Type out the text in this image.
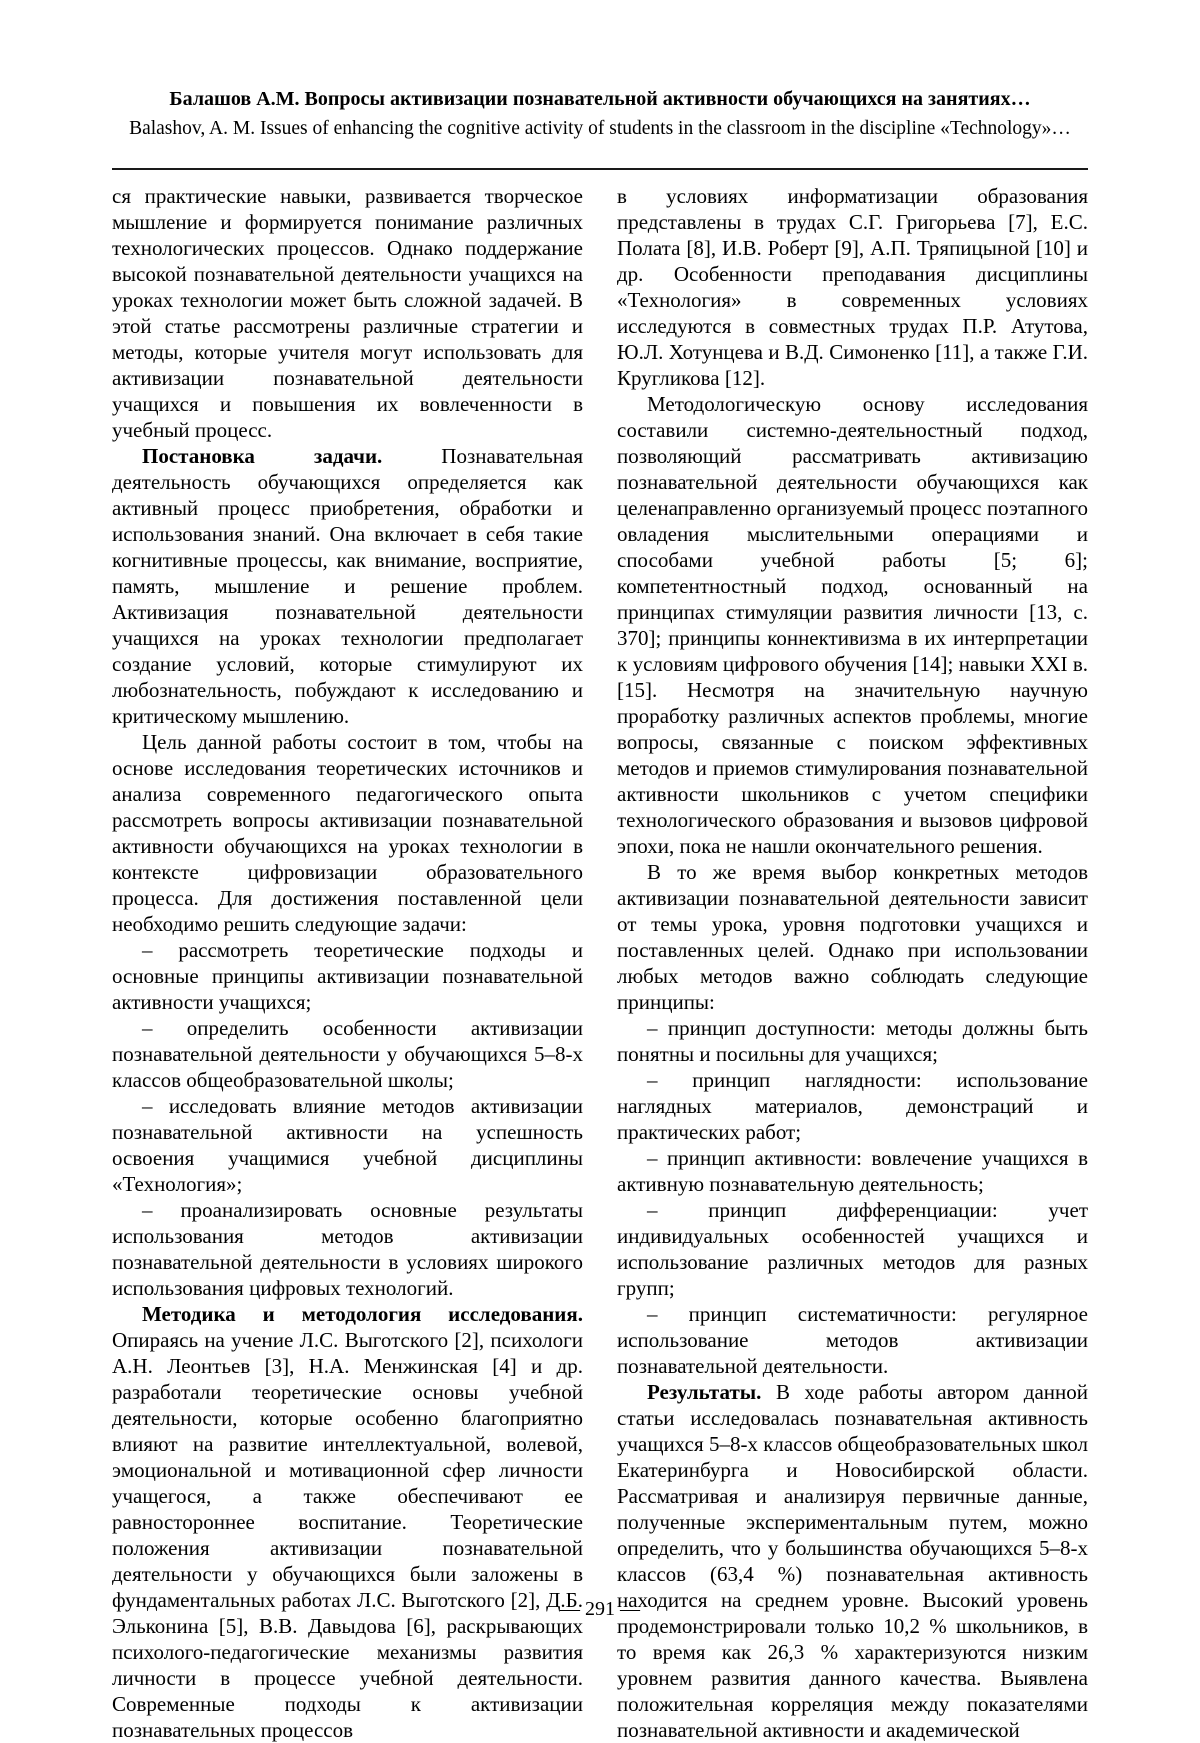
Балашов А.М. Вопросы активизации познавательной активности обучающихся на занятиях…
Balashov, A. M. Issues of enhancing the cognitive activity of students in the classroom in the discipline «Technology»…

ся практические навыки, развивается творческое мышление и формируется понимание различных технологических процессов. Однако поддержание высокой познавательной деятельности учащихся на уроках технологии может быть сложной задачей. В этой статье рассмотрены различные стратегии и методы, которые учителя могут использовать для активизации познавательной деятельности учащихся и повышения их вовлеченности в учебный процесс.

Постановка задачи. Познавательная деятельность обучающихся определяется как активный процесс приобретения, обработки и использования знаний. Она включает в себя такие когнитивные процессы, как внимание, восприятие, память, мышление и решение проблем. Активизация познавательной деятельности учащихся на уроках технологии предполагает создание условий, которые стимулируют их любознательность, побуждают к исследованию и критическому мышлению.

Цель данной работы состоит в том, чтобы на основе исследования теоретических источников и анализа современного педагогического опыта рассмотреть вопросы активизации познавательной активности обучающихся на уроках технологии в контексте цифровизации образовательного процесса. Для достижения поставленной цели необходимо решить следующие задачи:

– рассмотреть теоретические подходы и основные принципы активизации познавательной активности учащихся;

– определить особенности активизации познавательной деятельности у обучающихся 5–8-х классов общеобразовательной школы;

– исследовать влияние методов активизации познавательной активности на успешность освоения учащимися учебной дисциплины «Технология»;

– проанализировать основные результаты использования методов активизации познавательной деятельности в условиях широкого использования цифровых технологий.

Методика и методология исследования. Опираясь на учение Л.С. Выготского [2], психологи А.Н. Леонтьев [3], Н.А. Менжинская [4] и др. разработали теоретические основы учебной деятельности, которые особенно благоприятно влияют на развитие интеллектуальной, волевой, эмоциональной и мотивационной сфер личности учащегося, а также обеспечивают ее равностороннее воспитание. Теоретические положения активизации познавательной деятельности у обучающихся были заложены в фундаментальных работах Л.С. Выготского [2], Д.Б. Эльконина [5], В.В. Давыдова [6], раскрывающих психолого-педагогические механизмы развития личности в процессе учебной деятельности. Современные подходы к активизации познавательных процессов

в условиях информатизации образования представлены в трудах С.Г. Григорьева [7], Е.С. Полата [8], И.В. Роберт [9], А.П. Тряпицыной [10] и др. Особенности преподавания дисциплины «Технология» в современных условиях исследуются в совместных трудах П.Р. Атутова, Ю.Л. Хотунцева и В.Д. Симоненко [11], а также Г.И. Кругликова [12].

Методологическую основу исследования составили системно-деятельностный подход, позволяющий рассматривать активизацию познавательной деятельности обучающихся как целенаправленно организуемый процесс поэтапного овладения мыслительными операциями и способами учебной работы [5; 6]; компетентностный подход, основанный на принципах стимуляции развития личности [13, с. 370]; принципы коннективизма в их интерпретации к условиям цифрового обучения [14]; навыки XXI в. [15]. Несмотря на значительную научную проработку различных аспектов проблемы, многие вопросы, связанные с поиском эффективных методов и приемов стимулирования познавательной активности школьников с учетом специфики технологического образования и вызовов цифровой эпохи, пока не нашли окончательного решения.

В то же время выбор конкретных методов активизации познавательной деятельности зависит от темы урока, уровня подготовки учащихся и поставленных целей. Однако при использовании любых методов важно соблюдать следующие принципы:

– принцип доступности: методы должны быть понятны и посильны для учащихся;

– принцип наглядности: использование наглядных материалов, демонстраций и практических работ;

– принцип активности: вовлечение учащихся в активную познавательную деятельность;

– принцип дифференциации: учет индивидуальных особенностей учащихся и использование различных методов для разных групп;

– принцип систематичности: регулярное использование методов активизации познавательной деятельности.

Результаты. В ходе работы автором данной статьи исследовалась познавательная активность учащихся 5–8-х классов общеобразовательных школ Екатеринбурга и Новосибирской области. Рассматривая и анализируя первичные данные, полученные экспериментальным путем, можно определить, что у большинства обучающихся 5–8-х классов (63,4 %) познавательная активность находится на среднем уровне. Высокий уровень продемонстрировали только 10,2 % школьников, в то время как 26,3 % характеризуются низким уровнем развития данного качества. Выявлена положительная корреляция между показателями познавательной активности и академической

— 291 —
